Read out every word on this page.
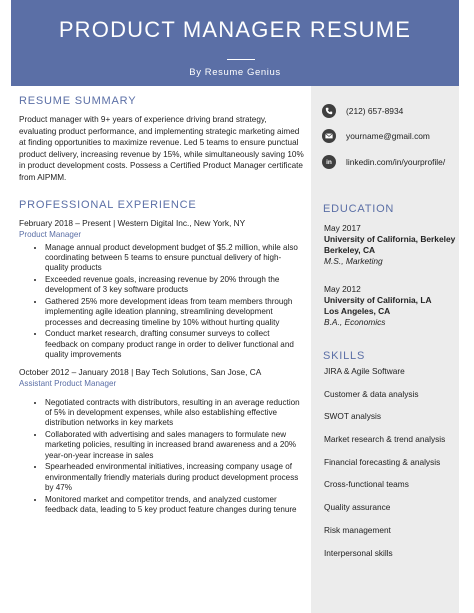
PRODUCT MANAGER RESUME
By Resume Genius
RESUME SUMMARY

Product manager with 9+ years of experience driving brand strategy, evaluating product performance, and implementing strategic marketing aimed at finding opportunities to maximize revenue. Led 5 teams to ensure punctual product delivery, increasing revenue by 15%, while simultaneously saving 10% in product development costs. Possess a Certified Product Manager certificate from AIPMM.

PROFESSIONAL EXPERIENCE
February 2018 – Present | Western Digital Inc., New York, NY
Product Manager
• Manage annual product development budget of $5.2 million, while also coordinating between 5 teams to ensure punctual delivery of high-quality products
• Exceeded revenue goals, increasing revenue by 20% through the development of 3 key software products
• Gathered 25% more development ideas from team members through implementing agile ideation planning, streamlining development processes and decreasing timeline by 10% without hurting quality
• Conduct market research, drafting consumer surveys to collect feedback on company product range in order to deliver functional and quality improvements
October 2012 – January 2018 | Bay Tech Solutions, San Jose, CA
Assistant Product Manager
• Negotiated contracts with distributors, resulting in an average reduction of 5% in development expenses, while also establishing effective distribution networks in key markets
• Collaborated with advertising and sales managers to formulate new marketing policies, resulting in increased brand awareness and a 20% year-on-year increase in sales
• Spearheaded environmental initiatives, increasing company usage of environmentally friendly materials during product development process by 47%
• Monitored market and competitor trends, and analyzed customer feedback data, leading to 5 key product feature changes during tenure
(212) 657-8934
yourname@gmail.com
in	linkedin.com/in/yourprofile/
EDUCATION
May 2017
University of California, Berkeley
Berkeley, CA
M.S., Marketing
May 2012
University of California, LA
Los Angeles, CA
B.A., Economics
SKILLS
JIRA & Agile Software
Customer & data analysis
SWOT analysis
Market research & trend analysis
Financial forecasting & analysis
Cross-functional teams
Quality assurance
Risk management
Interpersonal skills
